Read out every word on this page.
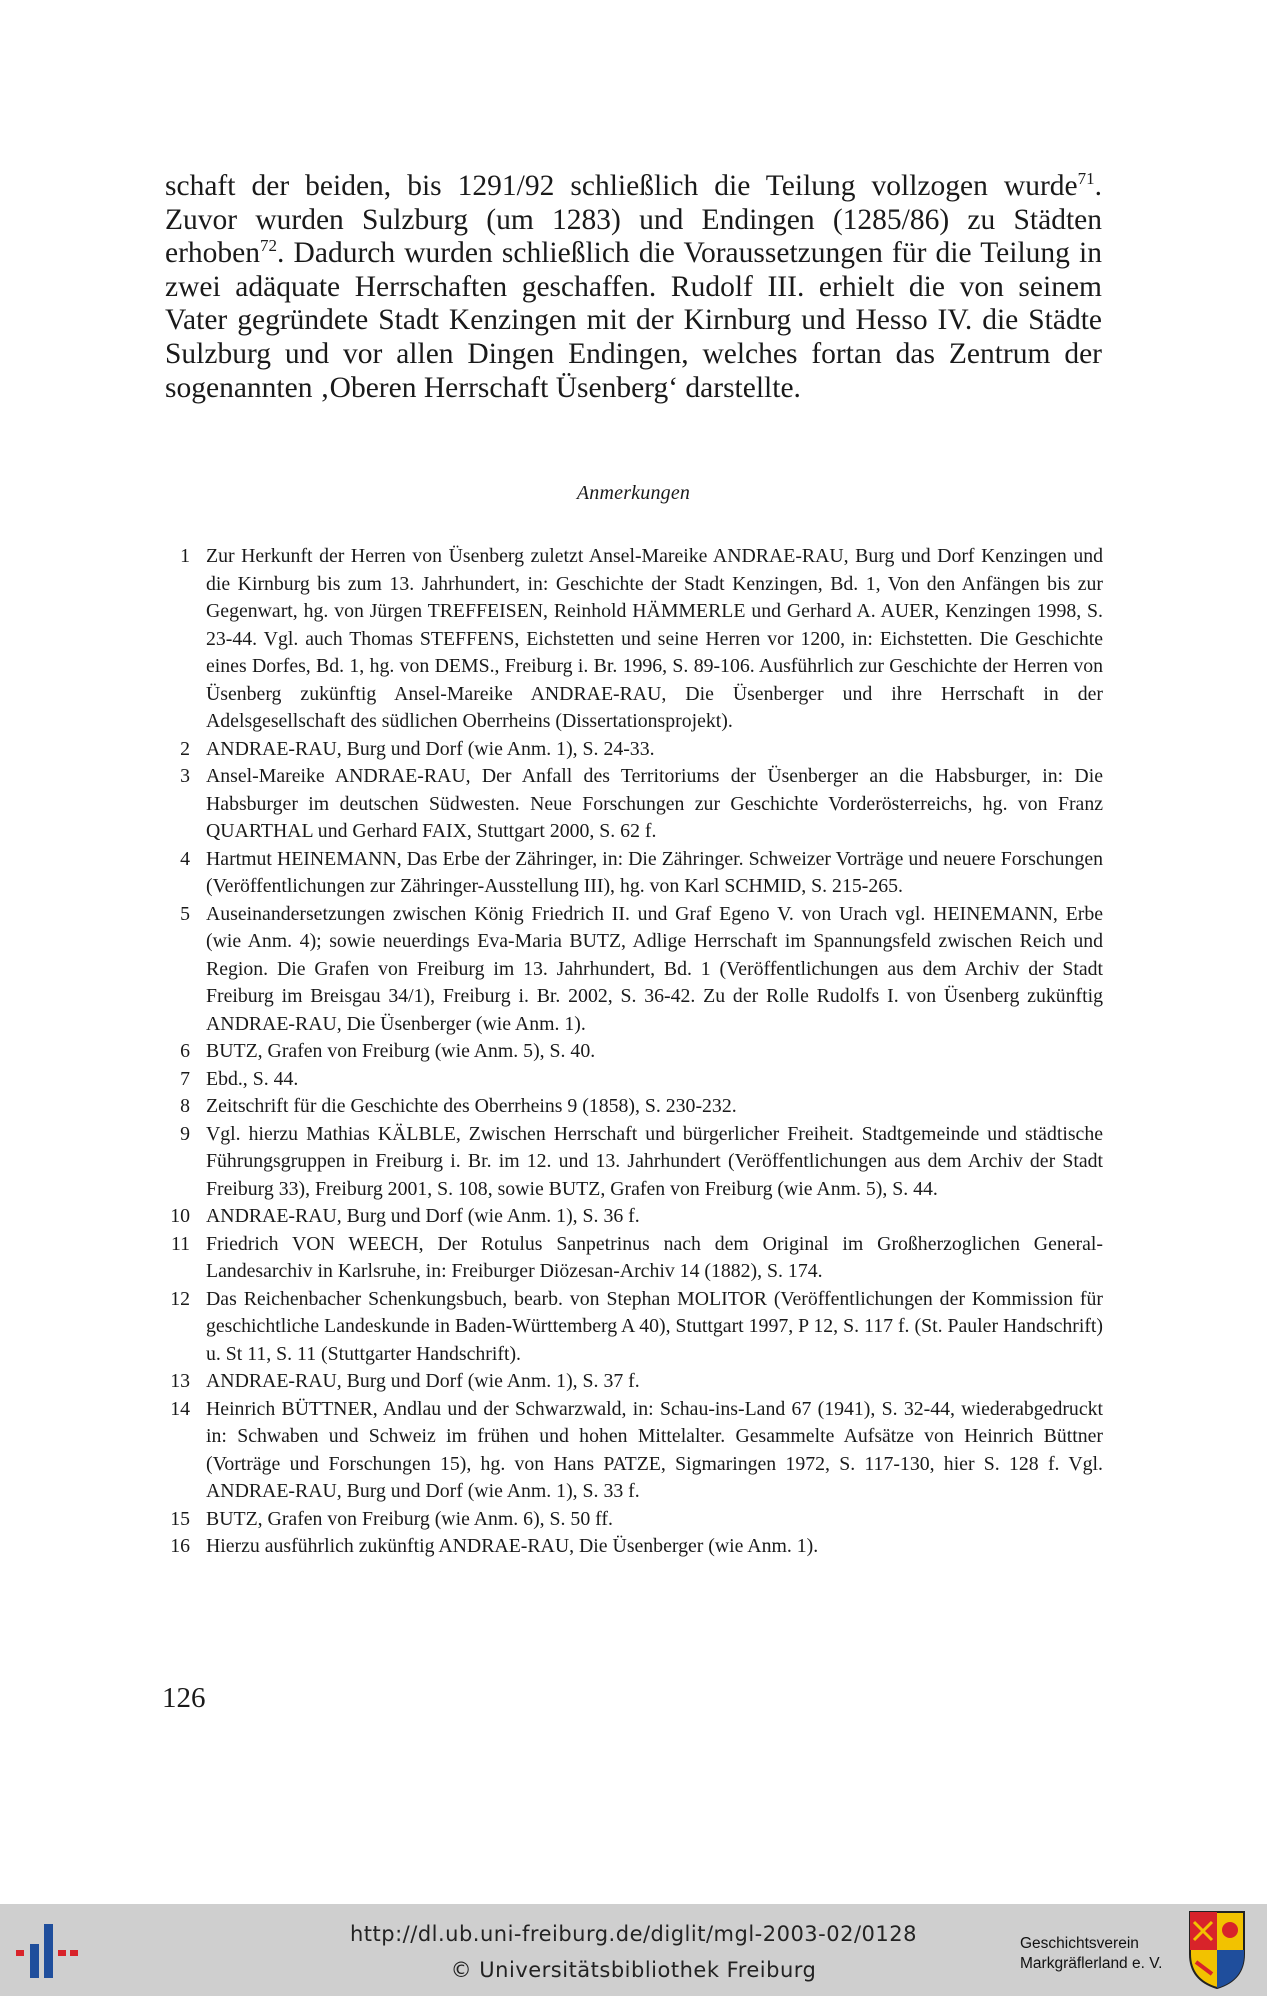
schaft der beiden, bis 1291/92 schließlich die Teilung vollzogen wurde$^{71}$. Zuvor wurden Sulzburg (um 1283) und Endingen (1285/86) zu Städten erhoben$^{72}$. Dadurch wurden schließlich die Voraussetzungen für die Teilung in zwei adäquate Herrschaften geschaffen. Rudolf III. erhielt die von seinem Vater gegründete Stadt Kenzingen mit der Kirnburg und Hesso IV. die Städte Sulzburg und vor allen Dingen Endingen, welches fortan das Zentrum der sogenannten ‚Oberen Herrschaft Üsenberg‘ darstellte.

Anmerkungen

1 Zur Herkunft der Herren von Üsenberg zuletzt Ansel-Mareike ANDRAE-RAU, Burg und Dorf Kenzingen und die Kirnburg bis zum 13. Jahrhundert, in: Geschichte der Stadt Kenzingen, Bd. 1, Von den Anfängen bis zur Gegenwart, hg. von Jürgen TREFFEISEN, Reinhold HÄMMERLE und Gerhard A. AUER, Kenzingen 1998, S. 23-44. Vgl. auch Thomas STEFFENS, Eichstetten und seine Herren vor 1200, in: Eichstetten. Die Geschichte eines Dorfes, Bd. 1, hg. von DEMS., Freiburg i. Br. 1996, S. 89-106. Ausführlich zur Geschichte der Herren von Üsenberg zukünftig Ansel-Mareike ANDRAE-RAU, Die Üsenberger und ihre Herrschaft in der Adelsgesellschaft des südlichen Oberrheins (Dissertationsprojekt).
2 ANDRAE-RAU, Burg und Dorf (wie Anm. 1), S. 24-33.
3 Ansel-Mareike ANDRAE-RAU, Der Anfall des Territoriums der Üsenberger an die Habsburger, in: Die Habsburger im deutschen Südwesten. Neue Forschungen zur Geschichte Vorderösterreichs, hg. von Franz QUARTHAL und Gerhard FAIX, Stuttgart 2000, S. 62 f.
4 Hartmut HEINEMANN, Das Erbe der Zähringer, in: Die Zähringer. Schweizer Vorträge und neuere Forschungen (Veröffentlichungen zur Zähringer-Ausstellung III), hg. von Karl SCHMID, S. 215-265.
5 Auseinandersetzungen zwischen König Friedrich II. und Graf Egeno V. von Urach vgl. HEINEMANN, Erbe (wie Anm. 4); sowie neuerdings Eva-Maria BUTZ, Adlige Herrschaft im Spannungsfeld zwischen Reich und Region. Die Grafen von Freiburg im 13. Jahrhundert, Bd. 1 (Veröffentlichungen aus dem Archiv der Stadt Freiburg im Breisgau 34/1), Freiburg i. Br. 2002, S. 36-42. Zu der Rolle Rudolfs I. von Üsenberg zukünftig ANDRAE-RAU, Die Üsenberger (wie Anm. 1).
6 BUTZ, Grafen von Freiburg (wie Anm. 5), S. 40.
7 Ebd., S. 44.
8 Zeitschrift für die Geschichte des Oberrheins 9 (1858), S. 230-232.
9 Vgl. hierzu Mathias KÄLBLE, Zwischen Herrschaft und bürgerlicher Freiheit. Stadtgemeinde und städtische Führungsgruppen in Freiburg i. Br. im 12. und 13. Jahrhundert (Veröffentlichungen aus dem Archiv der Stadt Freiburg 33), Freiburg 2001, S. 108, sowie BUTZ, Grafen von Freiburg (wie Anm. 5), S. 44.
10 ANDRAE-RAU, Burg und Dorf (wie Anm. 1), S. 36 f.
11 Friedrich VON WEECH, Der Rotulus Sanpetrinus nach dem Original im Großherzoglichen General-Landesarchiv in Karlsruhe, in: Freiburger Diözesan-Archiv 14 (1882), S. 174.
12 Das Reichenbacher Schenkungsbuch, bearb. von Stephan MOLITOR (Veröffentlichungen der Kommission für geschichtliche Landeskunde in Baden-Württemberg A 40), Stuttgart 1997, P 12, S. 117 f. (St. Pauler Handschrift) u. St 11, S. 11 (Stuttgarter Handschrift).
13 ANDRAE-RAU, Burg und Dorf (wie Anm. 1), S. 37 f.
14 Heinrich BÜTTNER, Andlau und der Schwarzwald, in: Schau-ins-Land 67 (1941), S. 32-44, wiederabgedruckt in: Schwaben und Schweiz im frühen und hohen Mittelalter. Gesammelte Aufsätze von Heinrich Büttner (Vorträge und Forschungen 15), hg. von Hans PATZE, Sigmaringen 1972, S. 117-130, hier S. 128 f. Vgl. ANDRAE-RAU, Burg und Dorf (wie Anm. 1), S. 33 f.
15 BUTZ, Grafen von Freiburg (wie Anm. 6), S. 50 ff.
16 Hierzu ausführlich zukünftig ANDRAE-RAU, Die Üsenberger (wie Anm. 1).

126

http://dl.ub.uni-freiburg.de/diglit/mgl-2003-02/0128
© Universitätsbibliothek Freiburg
Geschichtsverein
Markgräflerland e. V.
